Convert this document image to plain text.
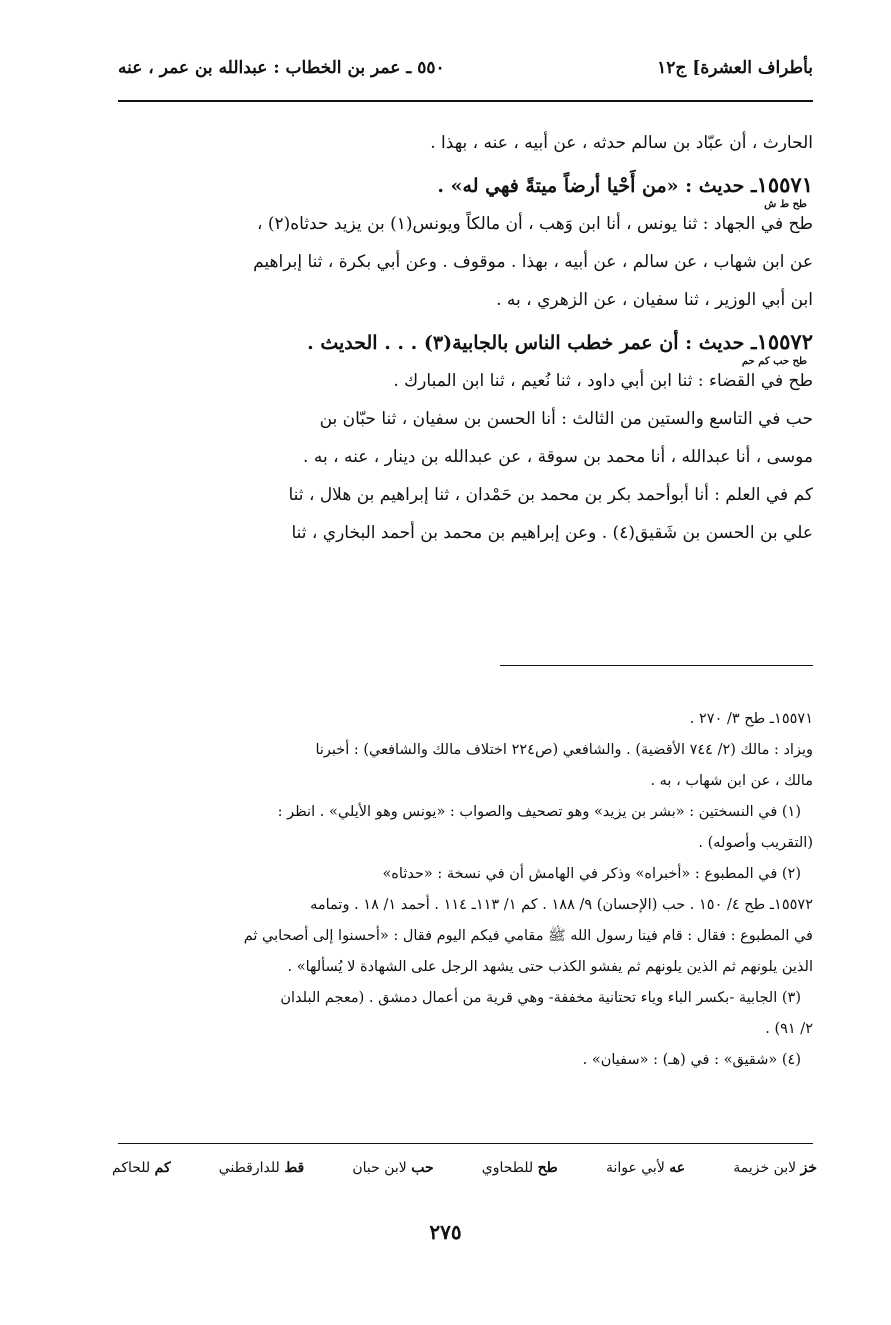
بأطراف العشرة] ج١٢
٥٥٠ ـ عمر بن الخطاب : عبدالله بن عمر ، عنه

الحارث ، أن عبّاد بن سالم حدثه ، عن أبيه ، عنه ، بهذا .

١٥٥٧١ـ حديث : «من أَحْيا أرضاً ميتةً فهي له» .

طح ط ش

طح في الجهاد : ثنا يونس ، أنا ابن وَهب ، أن مالكاً ويونس(١) بن يزيد حدثاه(٢) ،

عن ابن شهاب ، عن سالم ، عن أبيه ، بهذا . موقوف . وعن أبي بكرة ، ثنا إبراهيم

ابن أبي الوزير ، ثنا سفيان ، عن الزهري ، به .

١٥٥٧٢ـ حديث : أن عمر خطب الناس بالجابية(٣) . . . الحديث .

طح حب كم حم

طح في القضاء : ثنا ابن أبي داود ، ثنا نُعيم ، ثنا ابن المبارك .

حب في التاسع والستين من الثالث : أنا الحسن بن سفيان ، ثنا حبّان بن

موسى ، أنا عبدالله ، أنا محمد بن سوقة ، عن عبدالله بن دينار ، عنه ، به .

كم في العلم : أنا أبوأحمد بكر بن محمد بن حَمْدان ، ثنا إبراهيم بن هلال ، ثنا

علي بن الحسن بن شَقيق(٤) . وعن إبراهيم بن محمد بن أحمد البخاري ، ثنا

١٥٥٧١ـ طح ٣/ ٢٧٠ .

ويزاد : مالك (٢/ ٧٤٤ الأقضية) . والشافعي (ص٢٢٤ اختلاف مالك والشافعي) : أخبرنا

مالك ، عن ابن شهاب ، به .

(١) في النسختين : «بشر بن يزيد» وهو تصحيف والصواب : «يونس وهو الأيلي» . انظر :

(التقريب وأصوله) .

(٢) في المطبوع : «أخبراه» وذكر في الهامش أن في نسخة : «حدثاه»

١٥٥٧٢ـ طح ٤/ ١٥٠ . حب (الإحسان) ٩/ ١٨٨ . كم ١/ ١١٣ـ ١١٤ . أحمد ١/ ١٨ . وتمامه

في المطبوع : فقال : قام فينا رسول الله ﷺ مقامي فيكم اليوم فقال : «أحسنوا إلى أصحابي ثم

الذين يلونهم ثم الذين يلونهم ثم يفشو الكذب حتى يشهد الرجل على الشهادة لا يُسألها» .

(٣) الجابية -بكسر الباء وياء تحتانية مخففة- وهي قرية من أعمال دمشق . (معجم البلدان

٢/ ٩١) .

(٤) «شقيق» : في (هـ) : «سفيان» .

خز لابن خزيمة
عه لأبي عوانة
طح للطحاوي
حب لابن حبان
قط للدارقطني
كم للحاكم
٢٧٥
